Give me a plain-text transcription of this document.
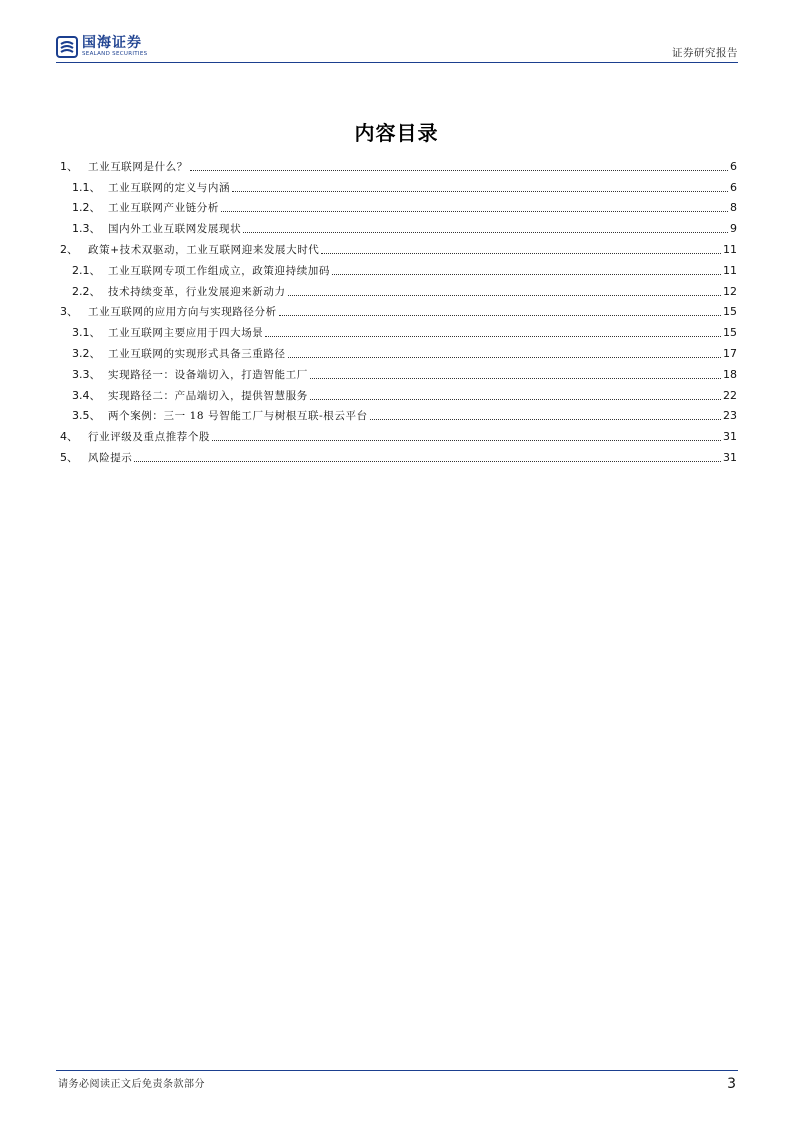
国海证券
SEALAND SECURITIES	证券研究报告
内容目录
1、 工业互联网是什么？	6
1.1、 工业互联网的定义与内涵	6
1.2、 工业互联网产业链分析	8
1.3、 国内外工业互联网发展现状	9
2、 政策+技术双驱动，工业互联网迎来发展大时代	11
2.1、 工业互联网专项工作组成立，政策迎持续加码	11
2.2、 技术持续变革，行业发展迎来新动力	12
3、 工业互联网的应用方向与实现路径分析	15
3.1、 工业互联网主要应用于四大场景	15
3.2、 工业互联网的实现形式具备三重路径	17
3.3、 实现路径一：设备端切入，打造智能工厂	18
3.4、 实现路径二：产品端切入，提供智慧服务	22
3.5、 两个案例：三一 18 号智能工厂与树根互联-根云平台	23
4、 行业评级及重点推荐个股	31
5、 风险提示	31
请务必阅读正文后免责条款部分	3
